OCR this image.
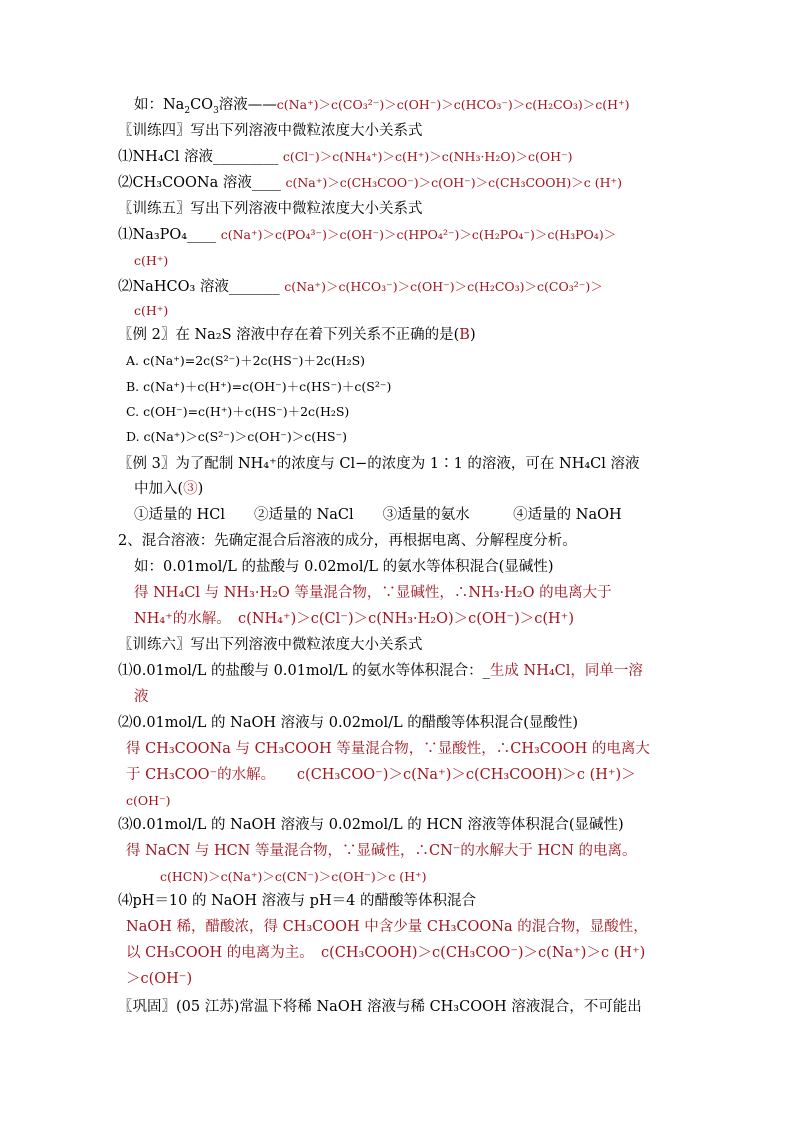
如：$Na_2CO_3$溶液——c(Na⁺)＞c(CO₃²⁻)＞c(OH⁻)＞c(HCO₃⁻)＞c(H₂CO₃)＞c(H⁺)
〖训练四〗写出下列溶液中微粒浓度大小关系式
⑴NH₄Cl 溶液_________ c(Cl⁻)＞c(NH₄⁺)＞c(H⁺)＞c(NH₃·H₂O)＞c(OH⁻)
⑵CH₃COONa 溶液____ c(Na⁺)＞c(CH₃COO⁻)＞c(OH⁻)＞c(CH₃COOH)＞c (H⁺)
〖训练五〗写出下列溶液中微粒浓度大小关系式
⑴Na₃PO₄____ c(Na⁺)＞c(PO₄³⁻)＞c(OH⁻)＞c(HPO₄²⁻)＞c(H₂PO₄⁻)＞c(H₃PO₄)＞
c(H⁺)
⑵NaHCO₃ 溶液_______ c(Na⁺)＞c(HCO₃⁻)＞c(OH⁻)＞c(H₂CO₃)＞c(CO₃²⁻)＞
c(H⁺)
〖例 2〗在 Na₂S 溶液中存在着下列关系不正确的是(B)
A. c(Na⁺)=2c(S²⁻)＋2c(HS⁻)＋2c(H₂S)
B. c(Na⁺)＋c(H⁺)=c(OH⁻)＋c(HS⁻)＋c(S²⁻)
C. c(OH⁻)=c(H⁺)＋c(HS⁻)＋2c(H₂S)
D. c(Na⁺)＞c(S²⁻)＞c(OH⁻)＞c(HS⁻)
〖例 3〗为了配制 NH₄⁺的浓度与 Cl−的浓度为 1∶1 的溶液，可在 NH₄Cl 溶液
中加入(③)
①适量的 HCl　　②适量的 NaCl　　③适量的氨水　　　④适量的 NaOH
2、混合溶液：先确定混合后溶液的成分，再根据电离、分解程度分析。
如：0.01mol/L 的盐酸与 0.02mol/L 的氨水等体积混合(显碱性)
得 NH₄Cl 与 NH₃·H₂O 等量混合物，∵显碱性，∴NH₃·H₂O 的电离大于
NH₄⁺的水解。　c(NH₄⁺)＞c(Cl⁻)＞c(NH₃·H₂O)＞c(OH⁻)＞c(H⁺)
〖训练六〗写出下列溶液中微粒浓度大小关系式
⑴0.01mol/L 的盐酸与 0.01mol/L 的氨水等体积混合：_生成 NH₄Cl，同单一溶
液
⑵0.01mol/L 的 NaOH 溶液与 0.02mol/L 的醋酸等体积混合(显酸性)
得 CH₃COONa 与 CH₃COOH 等量混合物，∵显酸性，∴CH₃COOH 的电离大
于 CH₃COO⁻的水解。　　c(CH₃COO⁻)＞c(Na⁺)＞c(CH₃COOH)＞c (H⁺)＞
c(OH⁻)
⑶0.01mol/L 的 NaOH 溶液与 0.02mol/L 的 HCN 溶液等体积混合(显碱性)
得 NaCN 与 HCN 等量混合物，∵显碱性，∴CN⁻的水解大于 HCN 的电离。
c(HCN)＞c(Na⁺)＞c(CN⁻)＞c(OH⁻)＞c (H⁺)
⑷pH＝10 的 NaOH 溶液与 pH＝4 的醋酸等体积混合
NaOH 稀，醋酸浓，得 CH₃COOH 中含少量 CH₃COONa 的混合物，显酸性，
以 CH₃COOH 的电离为主。　c(CH₃COOH)＞c(CH₃COO⁻)＞c(Na⁺)＞c (H⁺)
＞c(OH⁻)
〖巩固〗(05 江苏)常温下将稀 NaOH 溶液与稀 CH₃COOH 溶液混合，不可能出
